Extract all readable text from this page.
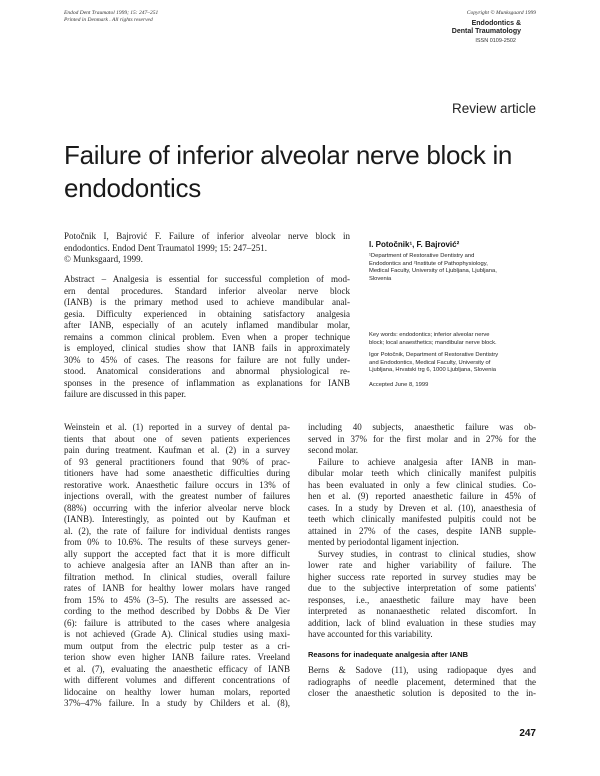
Endod Dent Traumatol 1999; 15: 247–251
Printed in Denmark . All rights reserved
Copyright © Munksgaard 1999
Endodontics &
Dental Traumatology
ISSN 0109-2502
Review article
Failure of inferior alveolar nerve block in
endodontics
Potočnik I, Bajrović F. Failure of inferior alveolar nerve block in
endodontics. Endod Dent Traumatol 1999; 15: 247–251.
© Munksgaard, 1999.
Abstract – Analgesia is essential for successful completion of mod-
ern dental procedures. Standard inferior alveolar nerve block
(IANB) is the primary method used to achieve mandibular anal-
gesia. Difficulty experienced in obtaining satisfactory analgesia
after IANB, especially of an acutely inflamed mandibular molar,
remains a common clinical problem. Even when a proper technique
is employed, clinical studies show that IANB fails in approximately
30% to 45% of cases. The reasons for failure are not fully under-
stood. Anatomical considerations and abnormal physiological re-
sponses in the presence of inflammation as explanations for IANB
failure are discussed in this paper.
I. Potočnik¹, F. Bajrović²
¹Department of Restorative Dentistry and
Endodontics and ²Institute of Pathophysiology,
Medical Faculty, University of Ljubljana, Ljubljana,
Slovenia
Key words: endodontics; inferior alveolar nerve
block; local anaesthetics; mandibular nerve block.
Igor Potočnik, Department of Restorative Dentistry
and Endodontics, Medical Faculty, University of
Ljubljana, Hrvatski trg 6, 1000 Ljubljana, Slovenia
Accepted June 8, 1999
Weinstein et al. (1) reported in a survey of dental pa-
tients that about one of seven patients experiences
pain during treatment. Kaufman et al. (2) in a survey
of 93 general practitioners found that 90% of prac-
titioners have had some anaesthetic difficulties during
restorative work. Anaesthetic failure occurs in 13% of
injections overall, with the greatest number of failures
(88%) occurring with the inferior alveolar nerve block
(IANB). Interestingly, as pointed out by Kaufman et
al. (2), the rate of failure for individual dentists ranges
from 0% to 10.6%. The results of these surveys gener-
ally support the accepted fact that it is more difficult
to achieve analgesia after an IANB than after an in-
filtration method. In clinical studies, overall failure
rates of IANB for healthy lower molars have ranged
from 15% to 45% (3–5). The results are assessed ac-
cording to the method described by Dobbs & De Vier
(6): failure is attributed to the cases where analgesia
is not achieved (Grade A). Clinical studies using maxi-
mum output from the electric pulp tester as a cri-
terion show even higher IANB failure rates. Vreeland
et al. (7), evaluating the anaesthetic efficacy of IANB
with different volumes and different concentrations of
lidocaine on healthy lower human molars, reported
37%–47% failure. In a study by Childers et al. (8),
including 40 subjects, anaesthetic failure was ob-
served in 37% for the first molar and in 27% for the
second molar.
Failure to achieve analgesia after IANB in man-
dibular molar teeth which clinically manifest pulpitis
has been evaluated in only a few clinical studies. Co-
hen et al. (9) reported anaesthetic failure in 45% of
cases. In a study by Dreven et al. (10), anaesthesia of
teeth which clinically manifested pulpitis could not be
attained in 27% of the cases, despite IANB supple-
mented by periodontal ligament injection.
Survey studies, in contrast to clinical studies, show
lower rate and higher variability of failure. The
higher success rate reported in survey studies may be
due to the subjective interpretation of some patients'
responses, i.e., anaesthetic failure may have been
interpreted as nonanaesthetic related discomfort. In
addition, lack of blind evaluation in these studies may
have accounted for this variability.
Reasons for inadequate analgesia after IANB
Berns & Sadove (11), using radiopaque dyes and
radiographs of needle placement, determined that the
closer the anaesthetic solution is deposited to the in-
247
